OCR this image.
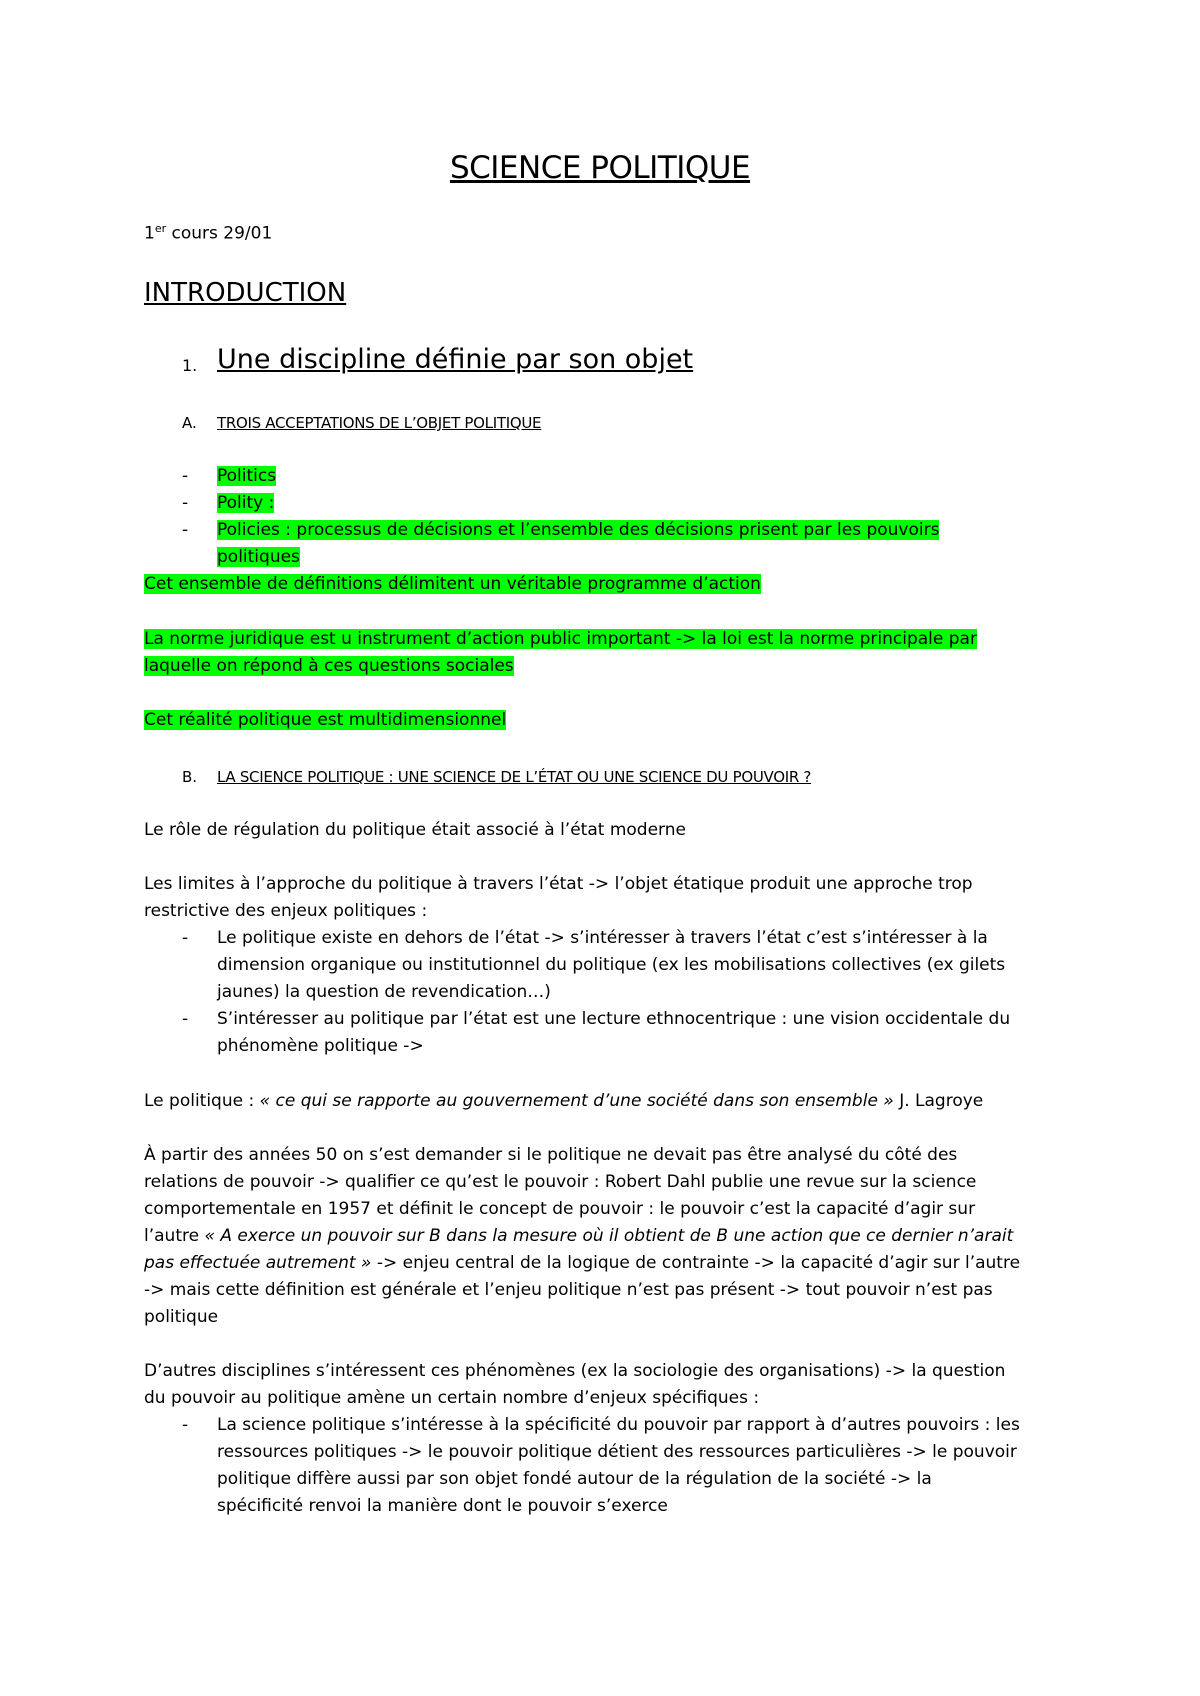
SCIENCE POLITIQUE
1er cours 29/01
INTRODUCTION
1. Une discipline définie par son objet
A. TROIS ACCEPTATIONS DE L’OBJET POLITIQUE
- Politics
- Polity :
- Policies : processus de décisions et l’ensemble des décisions prisent par les pouvoirs
politiques
Cet ensemble de définitions délimitent un véritable programme d’action
La norme juridique est u instrument d’action public important -> la loi est la norme principale par
laquelle on répond à ces questions sociales
Cet réalité politique est multidimensionnel
B. LA SCIENCE POLITIQUE : UNE SCIENCE DE L’ÉTAT OU UNE SCIENCE DU POUVOIR ?
Le rôle de régulation du politique était associé à l’état moderne
Les limites à l’approche du politique à travers l’état -> l’objet étatique produit une approche trop
restrictive des enjeux politiques :
- Le politique existe en dehors de l’état -> s’intéresser à travers l’état c’est s’intéresser à la
dimension organique ou institutionnel du politique (ex les mobilisations collectives (ex gilets
jaunes) la question de revendication…)
- S’intéresser au politique par l’état est une lecture ethnocentrique : une vision occidentale du
phénomène politique ->
Le politique : « ce qui se rapporte au gouvernement d’une société dans son ensemble » J. Lagroye
À partir des années 50 on s’est demander si le politique ne devait pas être analysé du côté des
relations de pouvoir -> qualifier ce qu’est le pouvoir : Robert Dahl publie une revue sur la science
comportementale en 1957 et définit le concept de pouvoir : le pouvoir c’est la capacité d’agir sur
l’autre « A exerce un pouvoir sur B dans la mesure où il obtient de B une action que ce dernier n’arait
pas effectuée autrement » -> enjeu central de la logique de contrainte -> la capacité d’agir sur l’autre
-> mais cette définition est générale et l’enjeu politique n’est pas présent -> tout pouvoir n’est pas
politique
D’autres disciplines s’intéressent ces phénomènes (ex la sociologie des organisations) -> la question
du pouvoir au politique amène un certain nombre d’enjeux spécifiques :
- La science politique s’intéresse à la spécificité du pouvoir par rapport à d’autres pouvoirs : les
ressources politiques -> le pouvoir politique détient des ressources particulières -> le pouvoir
politique diffère aussi par son objet fondé autour de la régulation de la société -> la
spécificité renvoi la manière dont le pouvoir s’exerce
